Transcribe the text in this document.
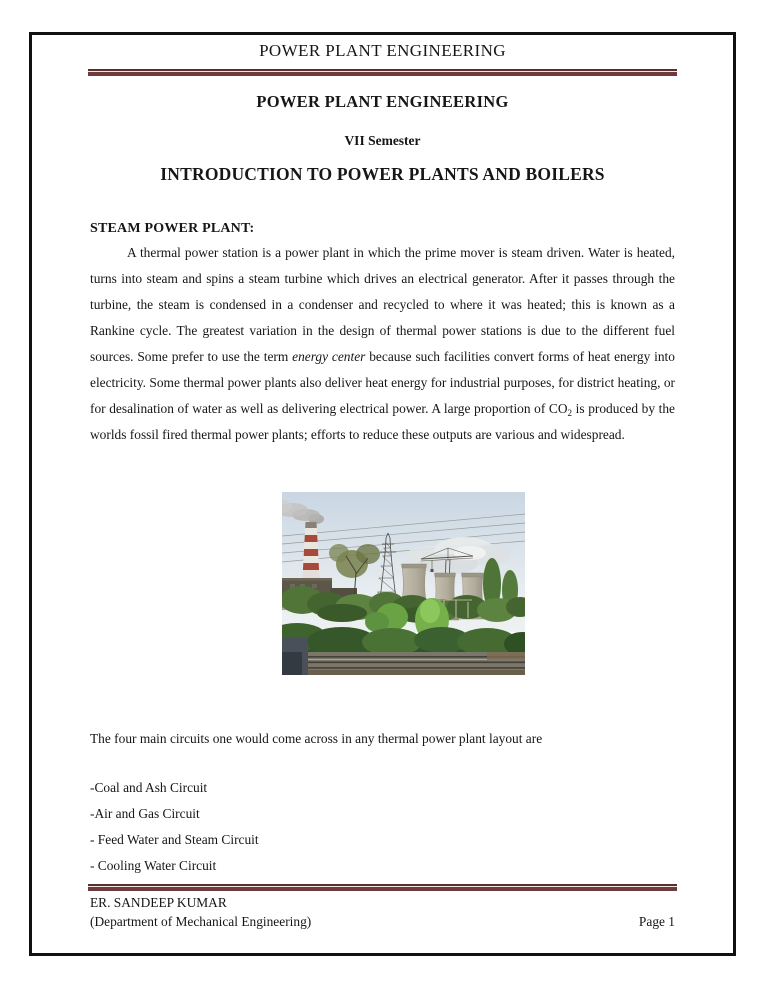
POWER PLANT ENGINEERING
POWER PLANT ENGINEERING
VII Semester
INTRODUCTION TO POWER PLANTS AND BOILERS
STEAM POWER PLANT:
A thermal power station is a power plant in which the prime mover is steam driven. Water is heated, turns into steam and spins a steam turbine which drives an electrical generator. After it passes through the turbine, the steam is condensed in a condenser and recycled to where it was heated; this is known as a Rankine cycle. The greatest variation in the design of thermal power stations is due to the different fuel sources. Some prefer to use the term energy center because such facilities convert forms of heat energy into electricity. Some thermal power plants also deliver heat energy for industrial purposes, for district heating, or for desalination of water as well as delivering electrical power. A large proportion of $CO_2$ is produced by the worlds fossil fired thermal power plants; efforts to reduce these outputs are various and widespread.
The four main circuits one would come across in any thermal power plant layout are
-Coal and Ash Circuit
-Air and Gas Circuit
- Feed Water and Steam Circuit
- Cooling Water Circuit
ER. SANDEEP KUMAR
(Department of Mechanical Engineering)	Page 1
